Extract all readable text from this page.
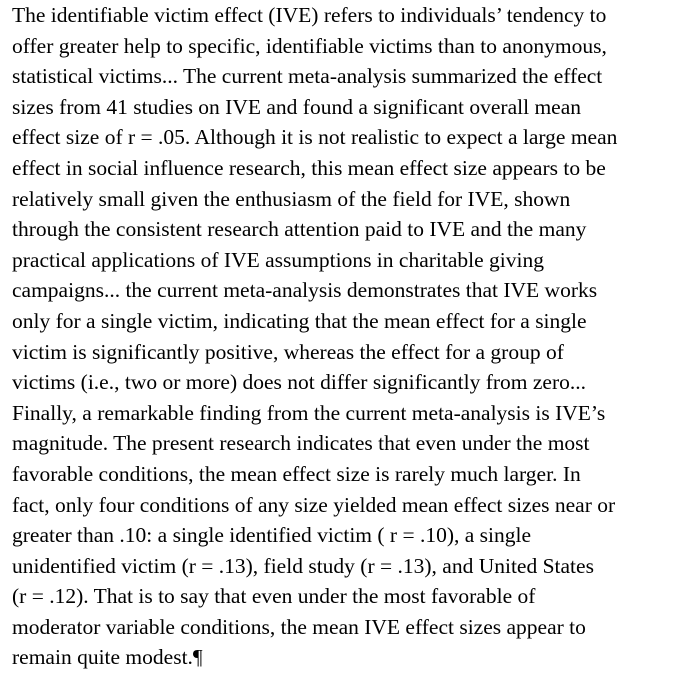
The identifiable victim effect (IVE) refers to individuals’ tendency to
offer greater help to specific, identifiable victims than to anonymous,
statistical victims... The current meta-analysis summarized the effect
sizes from 41 studies on IVE and found a significant overall mean
effect size of r = .05. Although it is not realistic to expect a large mean
effect in social influence research, this mean effect size appears to be
relatively small given the enthusiasm of the field for IVE, shown
through the consistent research attention paid to IVE and the many
practical applications of IVE assumptions in charitable giving
campaigns... the current meta-analysis demonstrates that IVE works
only for a single victim, indicating that the mean effect for a single
victim is significantly positive, whereas the effect for a group of
victims (i.e., two or more) does not differ significantly from zero...
Finally, a remarkable finding from the current meta-analysis is IVE’s
magnitude. The present research indicates that even under the most
favorable conditions, the mean effect size is rarely much larger. In
fact, only four conditions of any size yielded mean effect sizes near or
greater than .10: a single identified victim ( r = .10), a single
unidentified victim (r = .13), field study (r = .13), and United States
(r = .12). That is to say that even under the most favorable of
moderator variable conditions, the mean IVE effect sizes appear to
remain quite modest.¶
